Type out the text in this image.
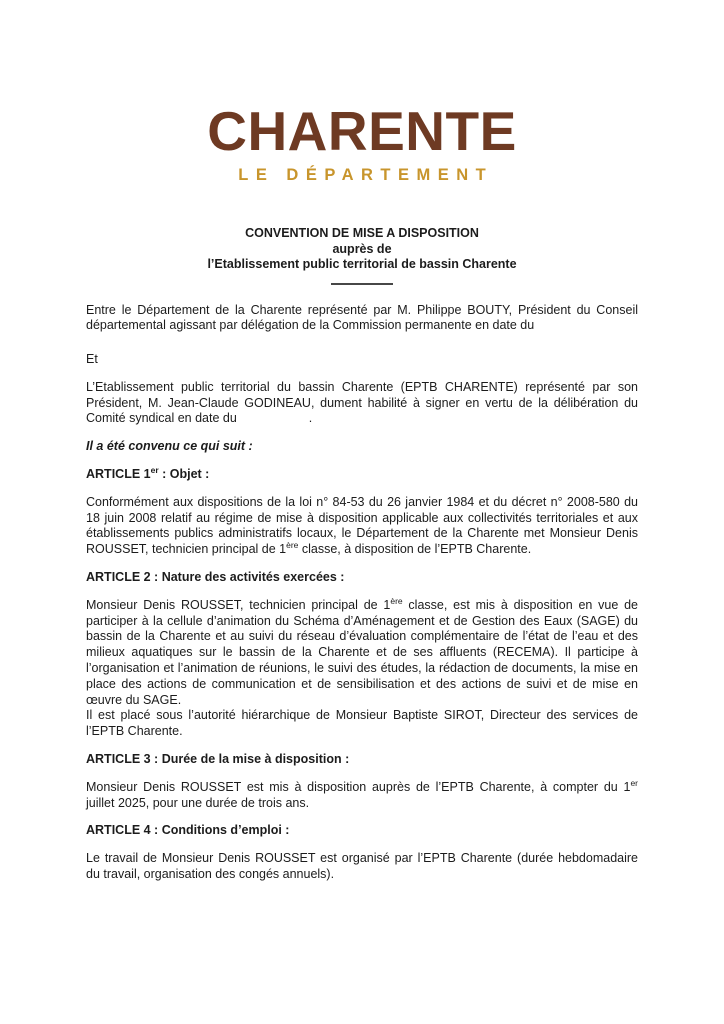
CHARENTE
LE DÉPARTEMENT
CONVENTION DE MISE A DISPOSITION
auprès de
l’Etablissement public territorial de bassin Charente

Entre le Département de la Charente représenté par M. Philippe BOUTY, Président du Conseil départemental agissant par délégation de la Commission permanente en date du

Et

L’Etablissement public territorial du bassin Charente (EPTB CHARENTE) représenté par son Président, M. Jean-Claude GODINEAU, dument habilité à signer en vertu de la délibération du Comité syndical en date du	.

Il a été convenu ce qui suit :

ARTICLE 1er : Objet :

Conformément aux dispositions de la loi n° 84-53 du 26 janvier 1984 et du décret n° 2008-580 du 18 juin 2008 relatif au régime de mise à disposition applicable aux collectivités territoriales et aux établissements publics administratifs locaux, le Département de la Charente met Monsieur Denis ROUSSET, technicien principal de 1ère classe, à disposition de l’EPTB Charente.

ARTICLE 2 : Nature des activités exercées :

Monsieur Denis ROUSSET, technicien principal de 1ère classe, est mis à disposition en vue de participer à la cellule d’animation du Schéma d’Aménagement et de Gestion des Eaux (SAGE) du bassin de la Charente et au suivi du réseau d’évaluation complémentaire de l’état de l’eau et des milieux aquatiques sur le bassin de la Charente et de ses affluents (RECEMA). Il participe à l’organisation et l’animation de réunions, le suivi des études, la rédaction de documents, la mise en place des actions de communication et de sensibilisation et des actions de suivi et de mise en œuvre du SAGE.
Il est placé sous l’autorité hiérarchique de Monsieur Baptiste SIROT, Directeur des services de l’EPTB Charente.

ARTICLE 3 : Durée de la mise à disposition :

Monsieur Denis ROUSSET est mis à disposition auprès de l’EPTB Charente, à compter du 1er juillet 2025, pour une durée de trois ans.

ARTICLE 4 : Conditions d’emploi :

Le travail de Monsieur Denis ROUSSET est organisé par l’EPTB Charente (durée hebdomadaire du travail, organisation des congés annuels).
